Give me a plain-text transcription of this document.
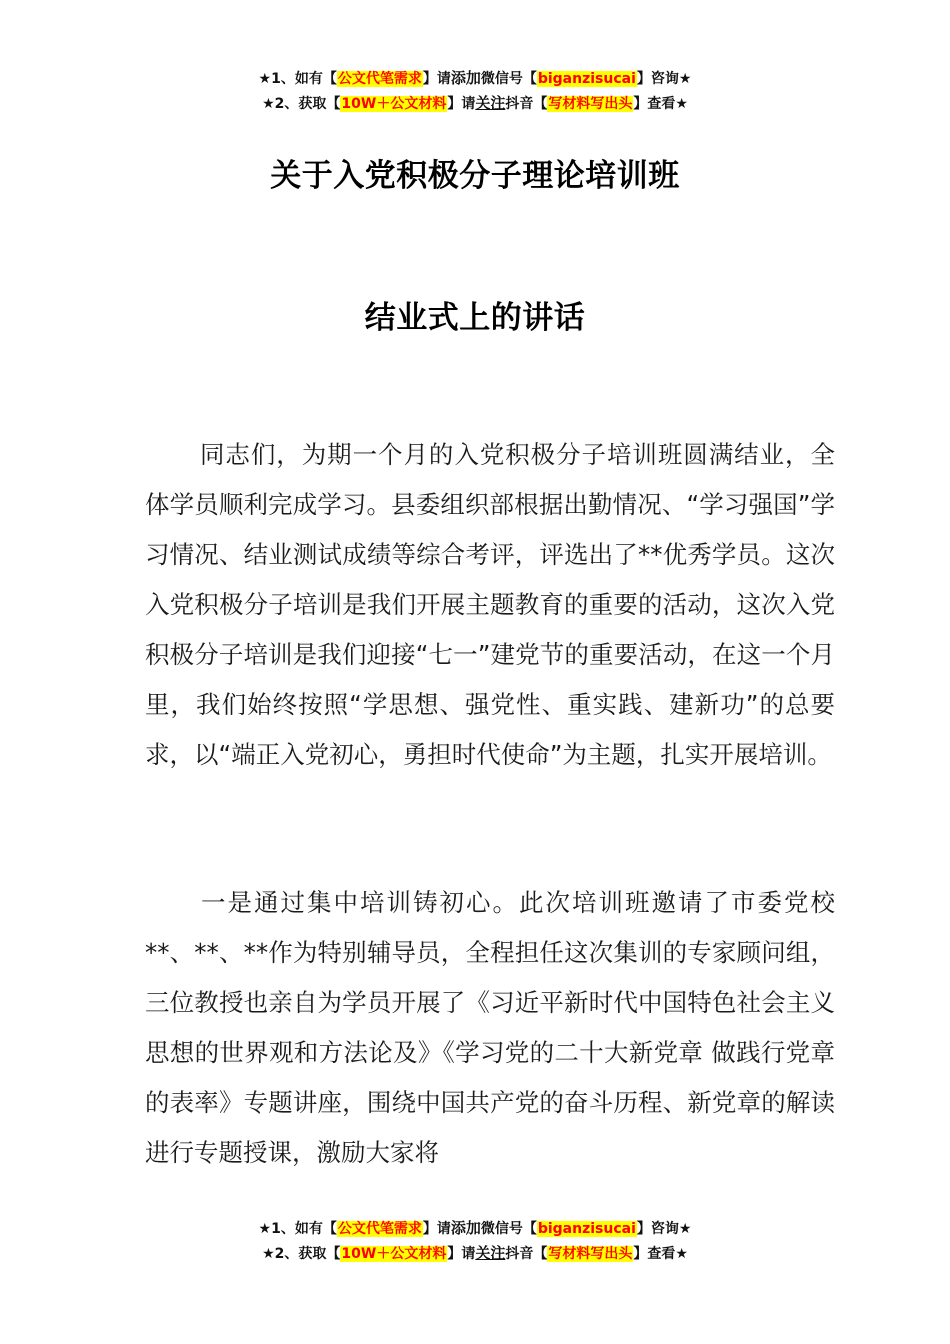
★1、如有【公文代笔需求】请添加微信号【biganzisucai】咨询★
★2、获取【10W＋公文材料】请关注抖音【写材料写出头】查看★
关于入党积极分子理论培训班
结业式上的讲话

同志们，为期一个月的入党积极分子培训班圆满结业，全体学员顺利完成学习。县委组织部根据出勤情况、“学习强国”学习情况、结业测试成绩等综合考评，评选出了**优秀学员。这次入党积极分子培训是我们开展主题教育的重要的活动，这次入党积极分子培训是我们迎接“七一”建党节的重要活动，在这一个月里，我们始终按照“学思想、强党性、重实践、建新功”的总要求，以“端正入党初心，勇担时代使命”为主题，扎实开展培训。

一是通过集中培训铸初心。此次培训班邀请了市委党校**、**、**作为特别辅导员，全程担任这次集训的专家顾问组，三位教授也亲自为学员开展了《习近平新时代中国特色社会主义思想的世界观和方法论及》《学习党的二十大新党章 做践行党章的表率》专题讲座，围绕中国共产党的奋斗历程、新党章的解读进行专题授课，激励大家将

★1、如有【公文代笔需求】请添加微信号【biganzisucai】咨询★
★2、获取【10W＋公文材料】请关注抖音【写材料写出头】查看★
